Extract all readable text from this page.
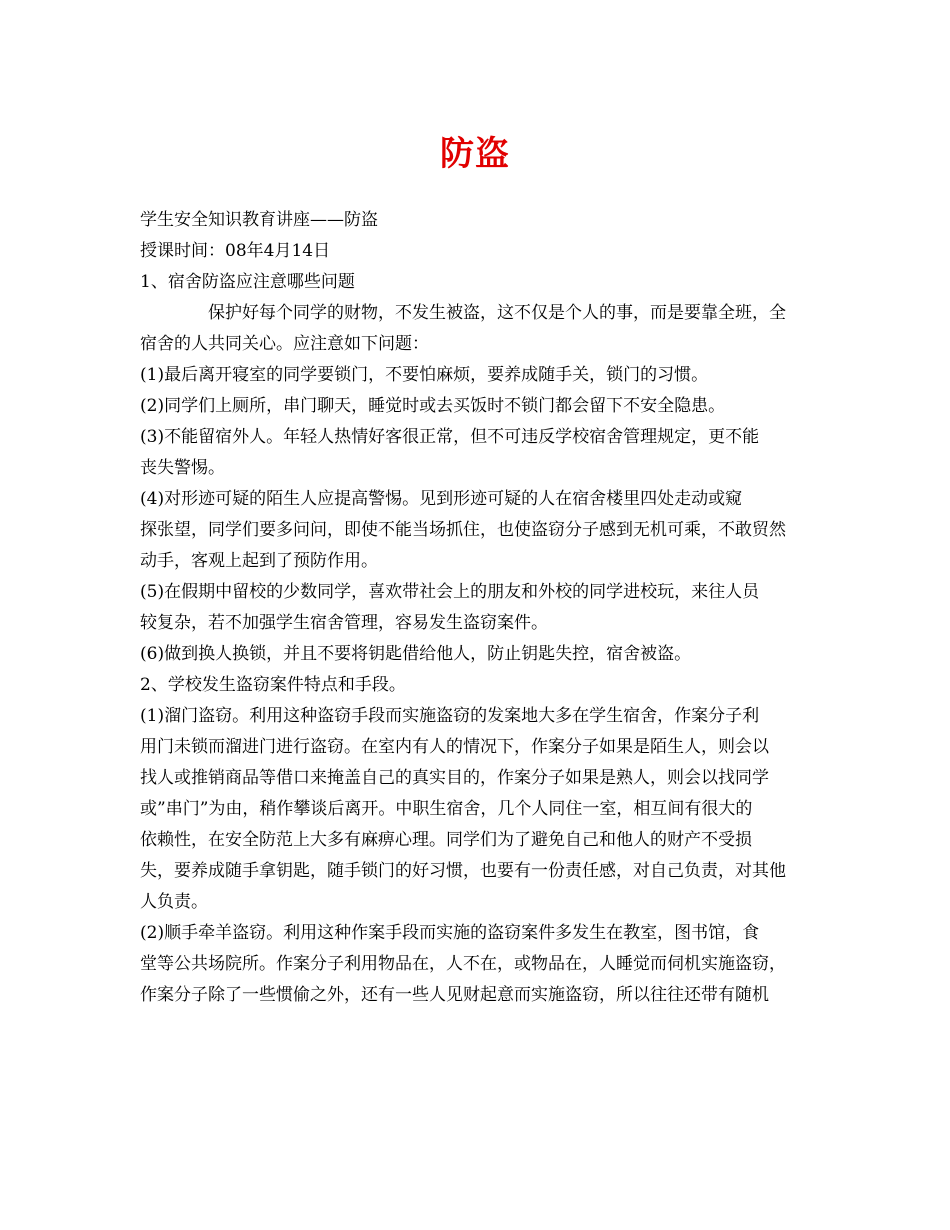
防盗
学生安全知识教育讲座——防盗
授课时间：08年4月14日
1、宿舍防盗应注意哪些问题
保护好每个同学的财物，不发生被盗，这不仅是个人的事，而是要靠全班，全
宿舍的人共同关心。应注意如下问题：
(1)最后离开寝室的同学要锁门，不要怕麻烦，要养成随手关，锁门的习惯。
(2)同学们上厕所，串门聊天，睡觉时或去买饭时不锁门都会留下不安全隐患。
(3)不能留宿外人。年轻人热情好客很正常，但不可违反学校宿舍管理规定，更不能
丧失警惕。
(4)对形迹可疑的陌生人应提高警惕。见到形迹可疑的人在宿舍楼里四处走动或窥
探张望，同学们要多问问，即使不能当场抓住，也使盗窃分子感到无机可乘，不敢贸然
动手，客观上起到了预防作用。
(5)在假期中留校的少数同学，喜欢带社会上的朋友和外校的同学进校玩，来往人员
较复杂，若不加强学生宿舍管理，容易发生盗窃案件。
(6)做到换人换锁，并且不要将钥匙借给他人，防止钥匙失控，宿舍被盗。
2、学校发生盗窃案件特点和手段。
(1)溜门盗窃。利用这种盗窃手段而实施盗窃的发案地大多在学生宿舍，作案分子利
用门未锁而溜进门进行盗窃。在室内有人的情况下，作案分子如果是陌生人，则会以
找人或推销商品等借口来掩盖自己的真实目的，作案分子如果是熟人，则会以找同学
或”串门”为由，稍作攀谈后离开。中职生宿舍，几个人同住一室，相互间有很大的
依赖性，在安全防范上大多有麻痹心理。同学们为了避免自己和他人的财产不受损
失，要养成随手拿钥匙，随手锁门的好习惯，也要有一份责任感，对自己负责，对其他
人负责。
(2)顺手牵羊盗窃。利用这种作案手段而实施的盗窃案件多发生在教室，图书馆，食
堂等公共场院所。作案分子利用物品在，人不在，或物品在，人睡觉而伺机实施盗窃，
作案分子除了一些惯偷之外，还有一些人见财起意而实施盗窃，所以往往还带有随机
